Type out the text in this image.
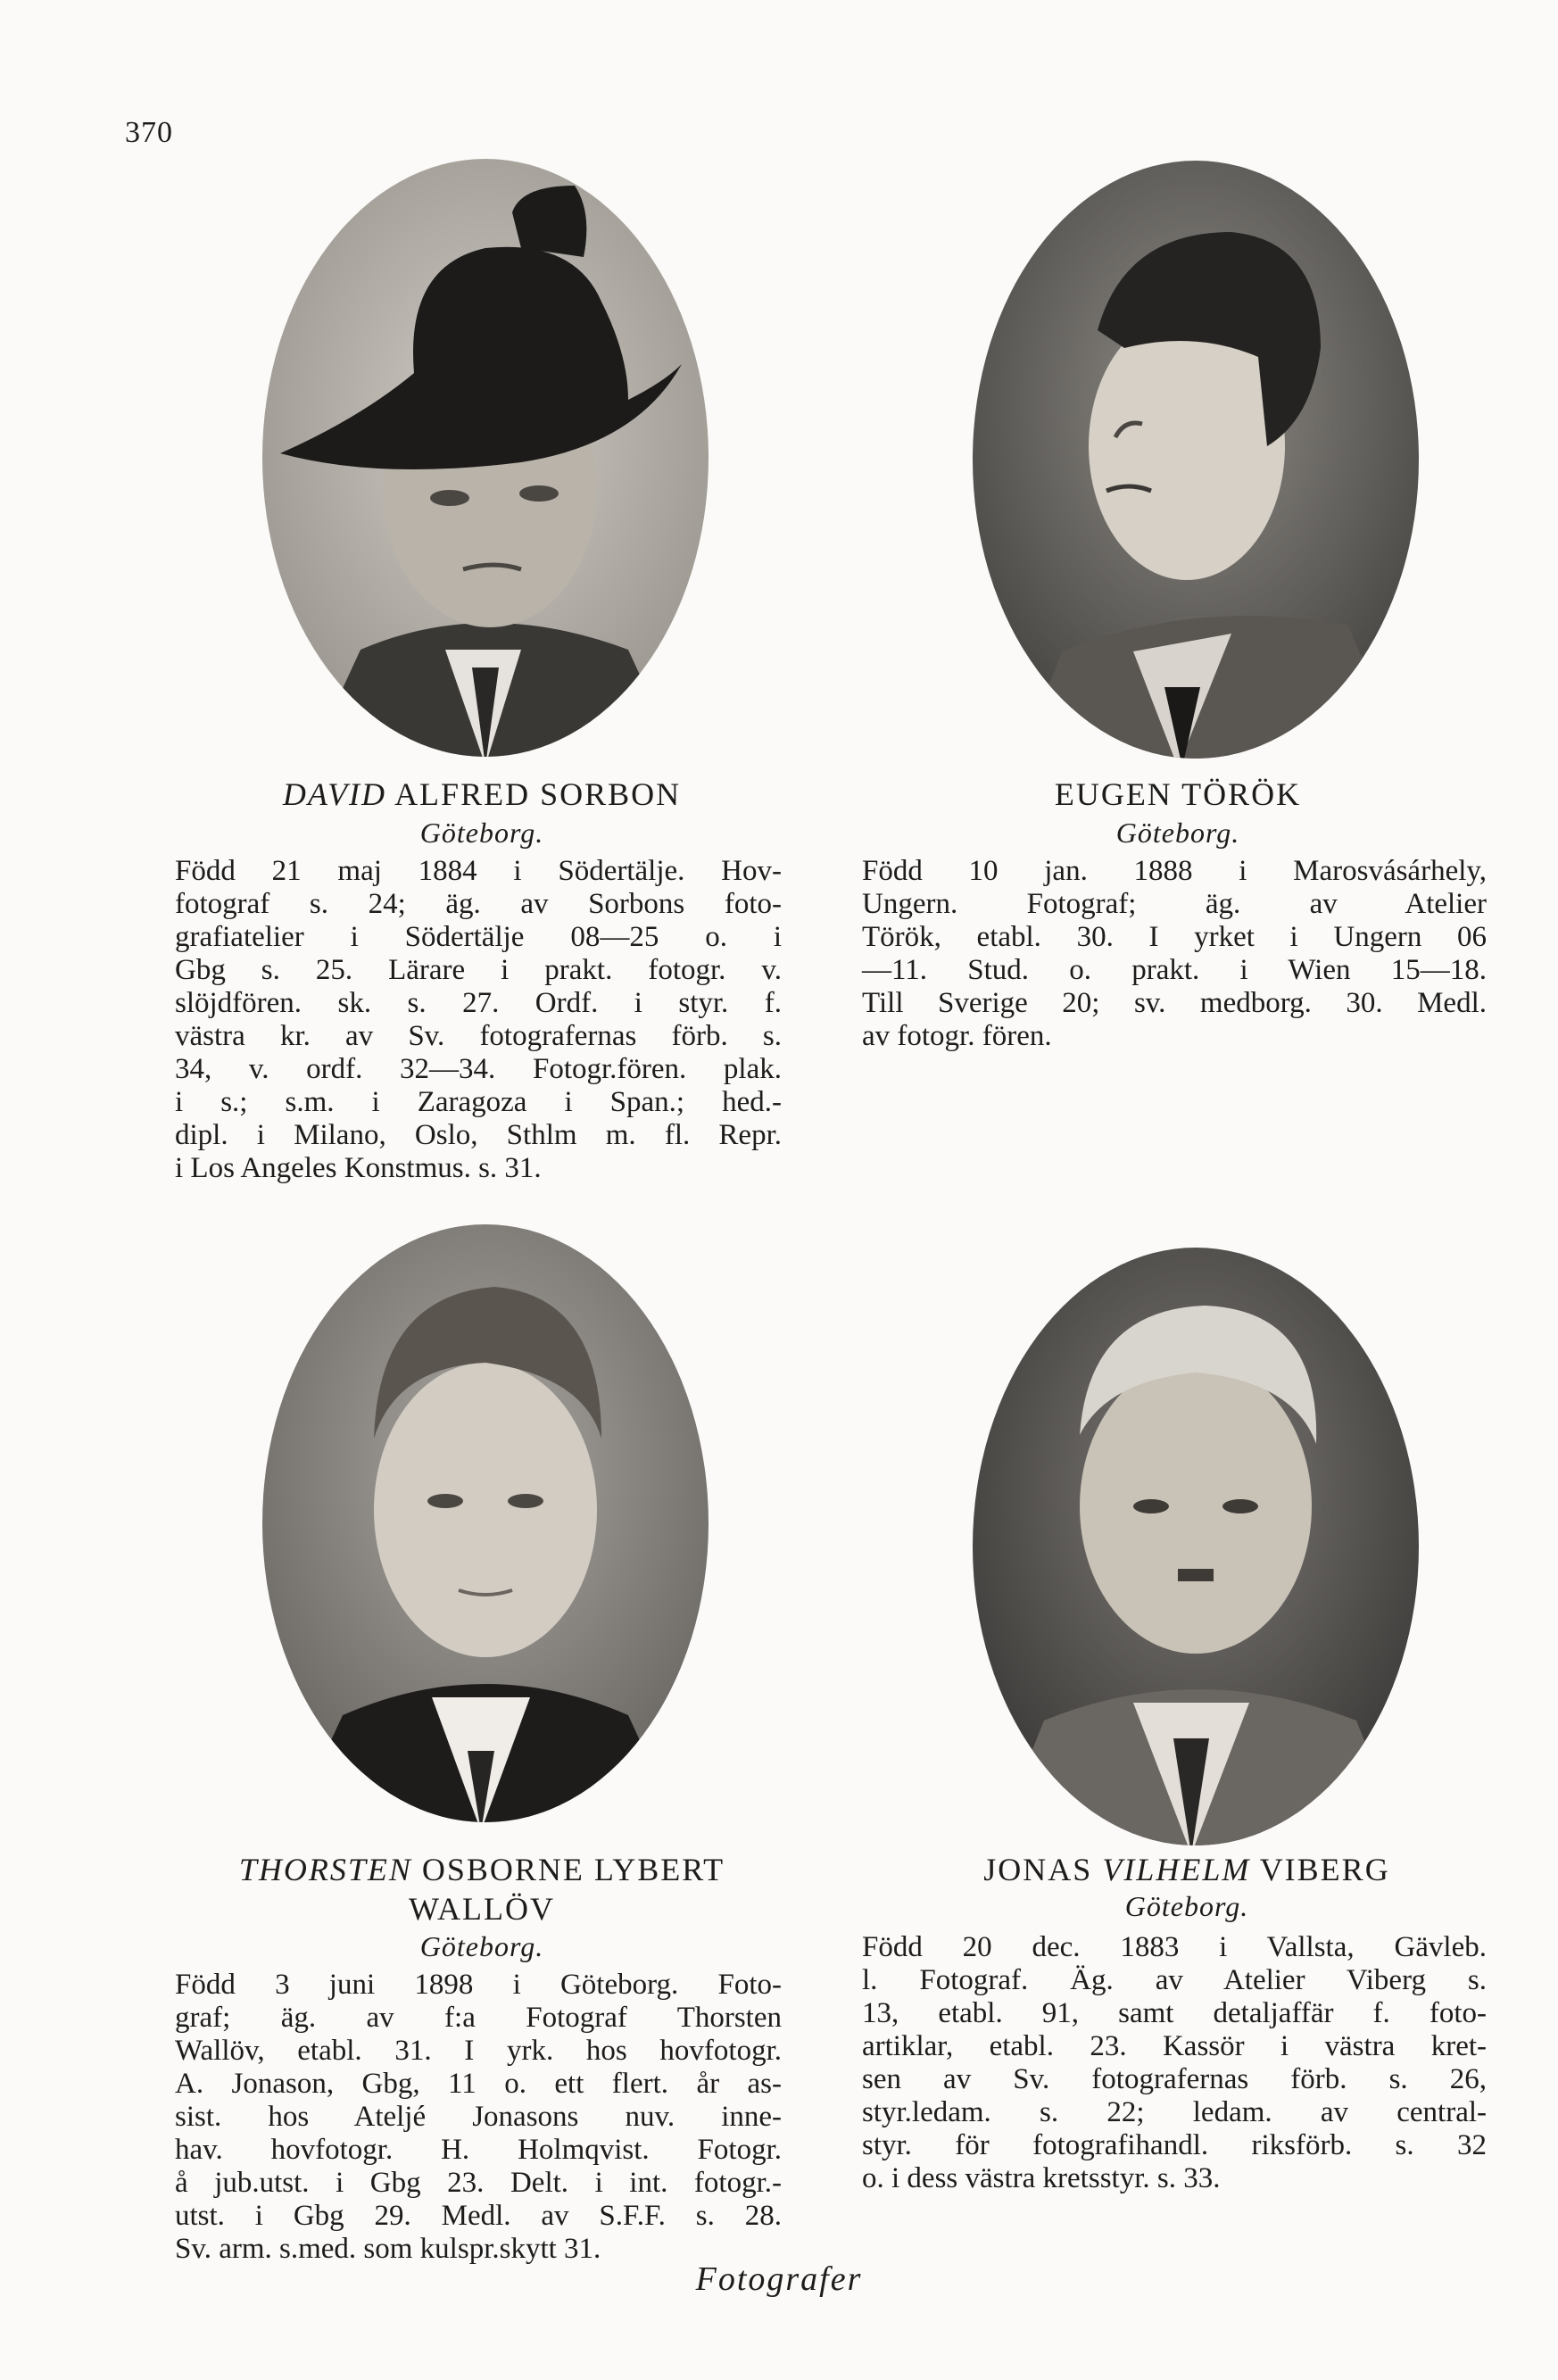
370
DAVID ALFRED SORBON
Göteborg.
Född 21 maj 1884 i Södertälje. Hov-
fotograf s. 24; äg. av Sorbons foto-
grafiatelier i Södertälje 08—25 o. i
Gbg s. 25. Lärare i prakt. fotogr. v.
slöjdfören. sk. s. 27. Ordf. i styr. f.
västra kr. av Sv. fotografernas förb. s.
34, v. ordf. 32—34. Fotogr.fören. plak.
i s.; s.m. i Zaragoza i Span.; hed.-
dipl. i Milano, Oslo, Sthlm m. fl. Repr.
i Los Angeles Konstmus. s. 31.
EUGEN TÖRÖK
Göteborg.
Född 10 jan. 1888 i Marosvásárhely,
Ungern. Fotograf; äg. av Atelier
Török, etabl. 30. I yrket i Ungern 06
—11. Stud. o. prakt. i Wien 15—18.
Till Sverige 20; sv. medborg. 30. Medl.
av fotogr. fören.
THORSTEN OSBORNE LYBERT
WALLÖV
Göteborg.
Född 3 juni 1898 i Göteborg. Foto-
graf; äg. av f:a Fotograf Thorsten
Wallöv, etabl. 31. I yrk. hos hovfotogr.
A. Jonason, Gbg, 11 o. ett flert. år as-
sist. hos Ateljé Jonasons nuv. inne-
hav. hovfotogr. H. Holmqvist. Fotogr.
å jub.utst. i Gbg 23. Delt. i int. fotogr.-
utst. i Gbg 29. Medl. av S.F.F. s. 28.
Sv. arm. s.med. som kulspr.skytt 31.
JONAS VILHELM VIBERG
Göteborg.
Född 20 dec. 1883 i Vallsta, Gävleb.
l. Fotograf. Äg. av Atelier Viberg s.
13, etabl. 91, samt detaljaffär f. foto-
artiklar, etabl. 23. Kassör i västra kret-
sen av Sv. fotografernas förb. s. 26,
styr.ledam. s. 22; ledam. av central-
styr. för fotografihandl. riksförb. s. 32
o. i dess västra kretsstyr. s. 33.
Fotografer
